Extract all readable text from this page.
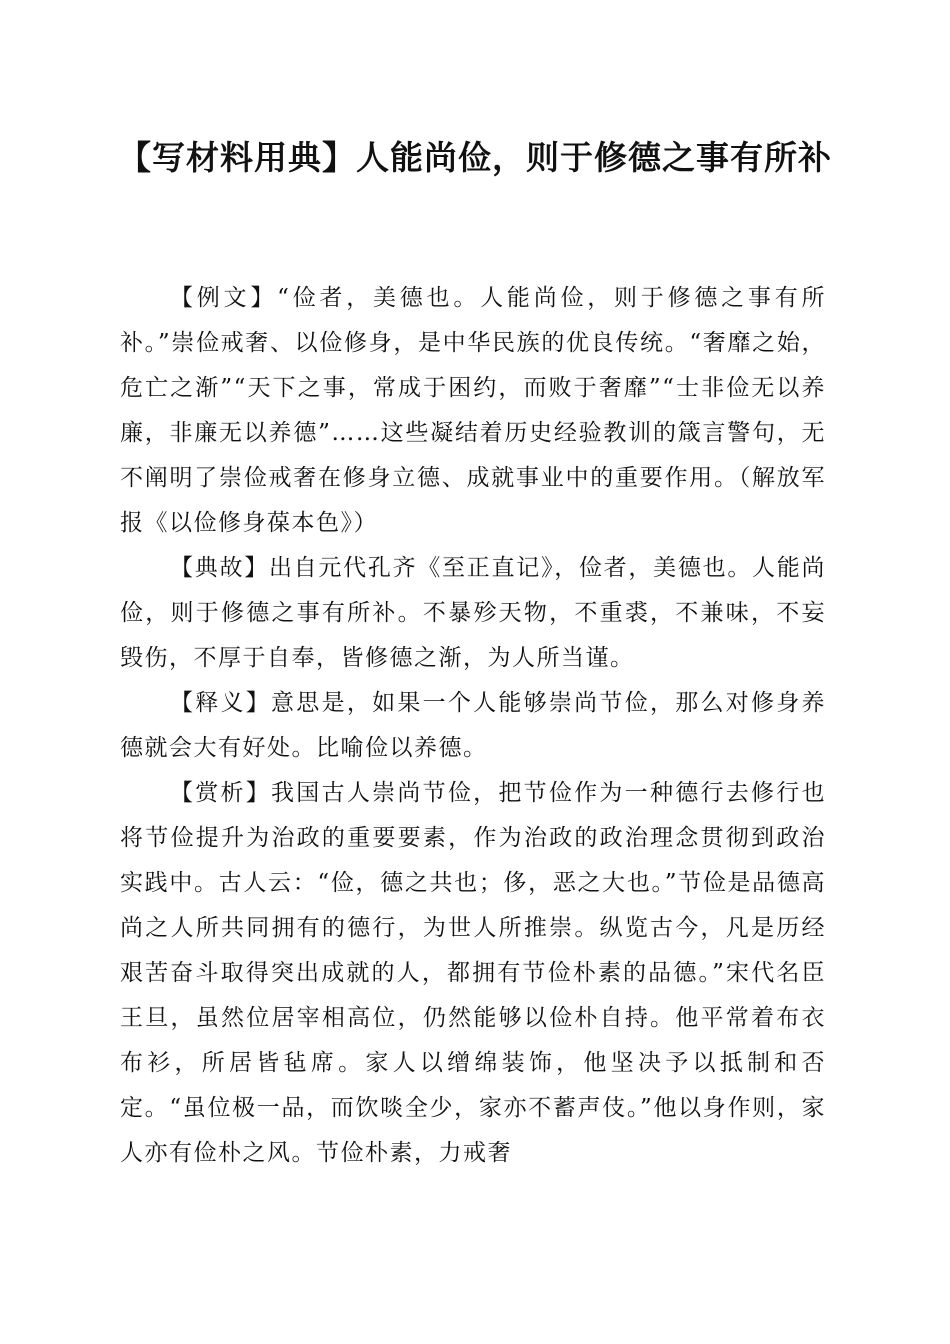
【写材料用典】人能尚俭，则于修德之事有所补

【例文】“俭者，美德也。人能尚俭，则于修德之事有所补。”崇俭戒奢、以俭修身，是中华民族的优良传统。“奢靡之始，危亡之渐”“天下之事，常成于困约，而败于奢靡”“士非俭无以养廉，非廉无以养德”……这些凝结着历史经验教训的箴言警句，无不阐明了崇俭戒奢在修身立德、成就事业中的重要作用。（解放军报《以俭修身葆本色》）

【典故】出自元代孔齐《至正直记》，俭者，美德也。人能尚俭，则于修德之事有所补。不暴殄天物，不重裘，不兼味，不妄毁伤，不厚于自奉，皆修德之渐，为人所当谨。

【释义】意思是，如果一个人能够崇尚节俭，那么对修身养德就会大有好处。比喻俭以养德。

【赏析】我国古人崇尚节俭，把节俭作为一种德行去修行也将节俭提升为治政的重要要素，作为治政的政治理念贯彻到政治实践中。古人云：“俭，德之共也；侈，恶之大也。”节俭是品德高尚之人所共同拥有的德行，为世人所推崇。纵览古今，凡是历经艰苦奋斗取得突出成就的人，都拥有节俭朴素的品德。”宋代名臣王旦，虽然位居宰相高位，仍然能够以俭朴自持。他平常着布衣布衫，所居皆毡席。家人以缯绵装饰，他坚决予以抵制和否定。“虽位极一品，而饮啖全少，家亦不蓄声伎。”他以身作则，家人亦有俭朴之风。节俭朴素，力戒奢
